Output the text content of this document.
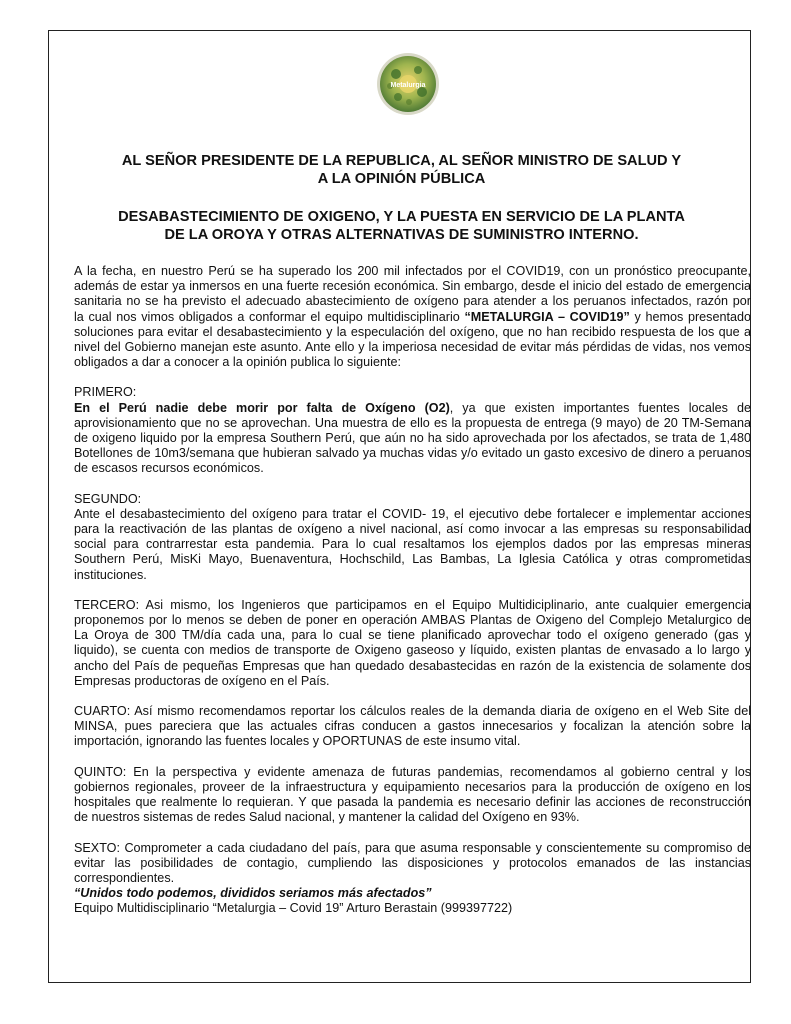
Metalurgia
AL SEÑOR PRESIDENTE DE LA REPUBLICA, AL SEÑOR MINISTRO DE SALUD Y
A LA OPINIÓN PÚBLICA
DESABASTECIMIENTO DE OXIGENO, Y LA PUESTA EN SERVICIO DE LA PLANTA
DE LA OROYA Y OTRAS ALTERNATIVAS DE SUMINISTRO INTERNO.

A la fecha, en nuestro Perú se ha superado los 200 mil infectados por el COVID19, con un pronóstico preocupante,
además de estar ya inmersos en una fuerte recesión económica. Sin embargo, desde el inicio del estado de emergencia
sanitaria no se ha previsto el adecuado abastecimiento de oxígeno para atender a los peruanos infectados, razón por
la cual nos vimos obligados a conformar el equipo multidisciplinario “METALURGIA – COVID19” y hemos presentado
soluciones para evitar el desabastecimiento y la especulación del oxígeno, que no han recibido respuesta de los que a
nivel del Gobierno manejan este asunto. Ante ello y la imperiosa necesidad de evitar más pérdidas de vidas, nos vemos
obligados a dar a conocer a la opinión publica lo siguiente:

PRIMERO:
En el Perú nadie debe morir por falta de Oxígeno (O2), ya que existen importantes fuentes locales de
aprovisionamiento que no se aprovechan. Una muestra de ello es la propuesta de entrega (9 mayo) de 20 TM-Semana
de oxigeno liquido por la empresa Southern Perú, que aún no ha sido aprovechada por los afectados, se trata de 1,480
Botellones de 10m3/semana que hubieran salvado ya muchas vidas y/o evitado un gasto excesivo de dinero a peruanos
de escasos recursos económicos.

SEGUNDO:
Ante el desabastecimiento del oxígeno para tratar el COVID- 19, el ejecutivo debe fortalecer e implementar acciones
para la reactivación de las plantas de oxígeno a nivel nacional, así como invocar a las empresas su responsabilidad
social para contrarrestar esta pandemia. Para lo cual resaltamos los ejemplos dados por las empresas mineras
Southern Perú, MisKi Mayo, Buenaventura, Hochschild, Las Bambas, La Iglesia Católica y otras comprometidas
instituciones.

TERCERO: Asi mismo, los Ingenieros que participamos en el Equipo Multidiciplinario, ante cualquier emergencia
proponemos por lo menos se deben de poner en operación AMBAS Plantas de Oxigeno del Complejo Metalurgico de
La Oroya de 300 TM/día cada una, para lo cual se tiene planificado aprovechar todo el oxígeno generado (gas y
liquido), se cuenta con medios de transporte de Oxigeno gaseoso y líquido, existen plantas de envasado a lo largo y
ancho del País de pequeñas Empresas que han quedado desabastecidas en razón de la existencia de solamente dos
Empresas productoras de oxígeno en el País.

CUARTO: Así mismo recomendamos reportar los cálculos reales de la demanda diaria de oxígeno en el Web Site del
MINSA, pues pareciera que las actuales cifras conducen a gastos innecesarios y focalizan la atención sobre la
importación, ignorando las fuentes locales y OPORTUNAS de este insumo vital.

QUINTO: En la perspectiva y evidente amenaza de futuras pandemias, recomendamos al gobierno central y los
gobiernos regionales, proveer de la infraestructura y equipamiento necesarios para la producción de oxígeno en los
hospitales que realmente lo requieran. Y que pasada la pandemia es necesario definir las acciones de reconstrucción
de nuestros sistemas de redes Salud nacional, y mantener la calidad del Oxígeno en 93%.

SEXTO: Comprometer a cada ciudadano del país, para que asuma responsable y conscientemente su compromiso de
evitar las posibilidades de contagio, cumpliendo las disposiciones y protocolos emanados de las instancias
correspondientes.

“Unidos todo podemos, divididos seriamos más afectados”

Equipo Multidisciplinario “Metalurgia – Covid 19” Arturo Berastain (999397722)
